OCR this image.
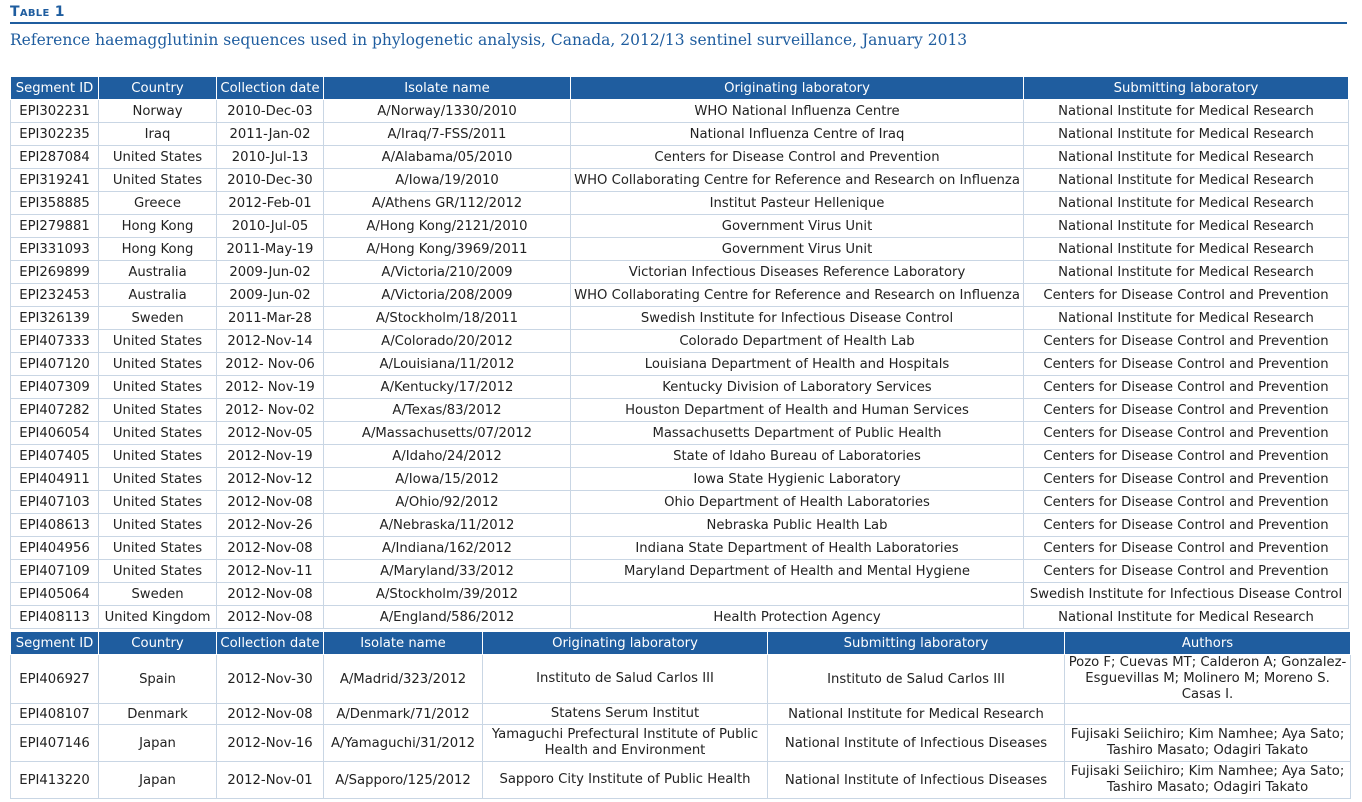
Table 1
Reference haemagglutinin sequences used in phylogenetic analysis, Canada, 2012/13 sentinel surveillance, January 2013
Segment ID	Country	Collection date	Isolate name	Originating laboratory	Submitting laboratory
EPI302231	Norway	2010-Dec-03	A/Norway/1330/2010	WHO National Influenza Centre	National Institute for Medical Research
EPI302235	Iraq	2011-Jan-02	A/Iraq/7-FSS/2011	National Influenza Centre of Iraq	National Institute for Medical Research
EPI287084	United States	2010-Jul-13	A/Alabama/05/2010	Centers for Disease Control and Prevention	National Institute for Medical Research
EPI319241	United States	2010-Dec-30	A/Iowa/19/2010	WHO Collaborating Centre for Reference and Research on Influenza	National Institute for Medical Research
EPI358885	Greece	2012-Feb-01	A/Athens GR/112/2012	Institut Pasteur Hellenique	National Institute for Medical Research
EPI279881	Hong Kong	2010-Jul-05	A/Hong Kong/2121/2010	Government Virus Unit	National Institute for Medical Research
EPI331093	Hong Kong	2011-May-19	A/Hong Kong/3969/2011	Government Virus Unit	National Institute for Medical Research
EPI269899	Australia	2009-Jun-02	A/Victoria/210/2009	Victorian Infectious Diseases Reference Laboratory	National Institute for Medical Research
EPI232453	Australia	2009-Jun-02	A/Victoria/208/2009	WHO Collaborating Centre for Reference and Research on Influenza	Centers for Disease Control and Prevention
EPI326139	Sweden	2011-Mar-28	A/Stockholm/18/2011	Swedish Institute for Infectious Disease Control	National Institute for Medical Research
EPI407333	United States	2012-Nov-14	A/Colorado/20/2012	Colorado Department of Health Lab	Centers for Disease Control and Prevention
EPI407120	United States	2012- Nov-06	A/Louisiana/11/2012	Louisiana Department of Health and Hospitals	Centers for Disease Control and Prevention
EPI407309	United States	2012- Nov-19	A/Kentucky/17/2012	Kentucky Division of Laboratory Services	Centers for Disease Control and Prevention
EPI407282	United States	2012- Nov-02	A/Texas/83/2012	Houston Department of Health and Human Services	Centers for Disease Control and Prevention
EPI406054	United States	2012-Nov-05	A/Massachusetts/07/2012	Massachusetts Department of Public Health	Centers for Disease Control and Prevention
EPI407405	United States	2012-Nov-19	A/Idaho/24/2012	State of Idaho Bureau of Laboratories	Centers for Disease Control and Prevention
EPI404911	United States	2012-Nov-12	A/Iowa/15/2012	Iowa State Hygienic Laboratory	Centers for Disease Control and Prevention
EPI407103	United States	2012-Nov-08	A/Ohio/92/2012	Ohio Department of Health Laboratories	Centers for Disease Control and Prevention
EPI408613	United States	2012-Nov-26	A/Nebraska/11/2012	Nebraska Public Health Lab	Centers for Disease Control and Prevention
EPI404956	United States	2012-Nov-08	A/Indiana/162/2012	Indiana State Department of Health Laboratories	Centers for Disease Control and Prevention
EPI407109	United States	2012-Nov-11	A/Maryland/33/2012	Maryland Department of Health and Mental Hygiene	Centers for Disease Control and Prevention
EPI405064	Sweden	2012-Nov-08	A/Stockholm/39/2012		Swedish Institute for Infectious Disease Control
EPI408113	United Kingdom	2012-Nov-08	A/England/586/2012	Health Protection Agency	National Institute for Medical Research
Segment ID	Country	Collection date	Isolate name	Originating laboratory	Submitting laboratory	Authors
EPI406927	Spain	2012-Nov-30	A/Madrid/323/2012	Instituto de Salud Carlos III	Instituto de Salud Carlos III	Pozo F; Cuevas MT; Calderon A; Gonzalez-Esguevillas M; Molinero M; Moreno S. Casas I.
EPI408107	Denmark	2012-Nov-08	A/Denmark/71/2012	Statens Serum Institut	National Institute for Medical Research	
EPI407146	Japan	2012-Nov-16	A/Yamaguchi/31/2012	Yamaguchi Prefectural Institute of Public Health and Environment	National Institute of Infectious Diseases	Fujisaki Seiichiro; Kim Namhee; Aya Sato; Tashiro Masato; Odagiri Takato
EPI413220	Japan	2012-Nov-01	A/Sapporo/125/2012	Sapporo City Institute of Public Health	National Institute of Infectious Diseases	Fujisaki Seiichiro; Kim Namhee; Aya Sato; Tashiro Masato; Odagiri Takato
